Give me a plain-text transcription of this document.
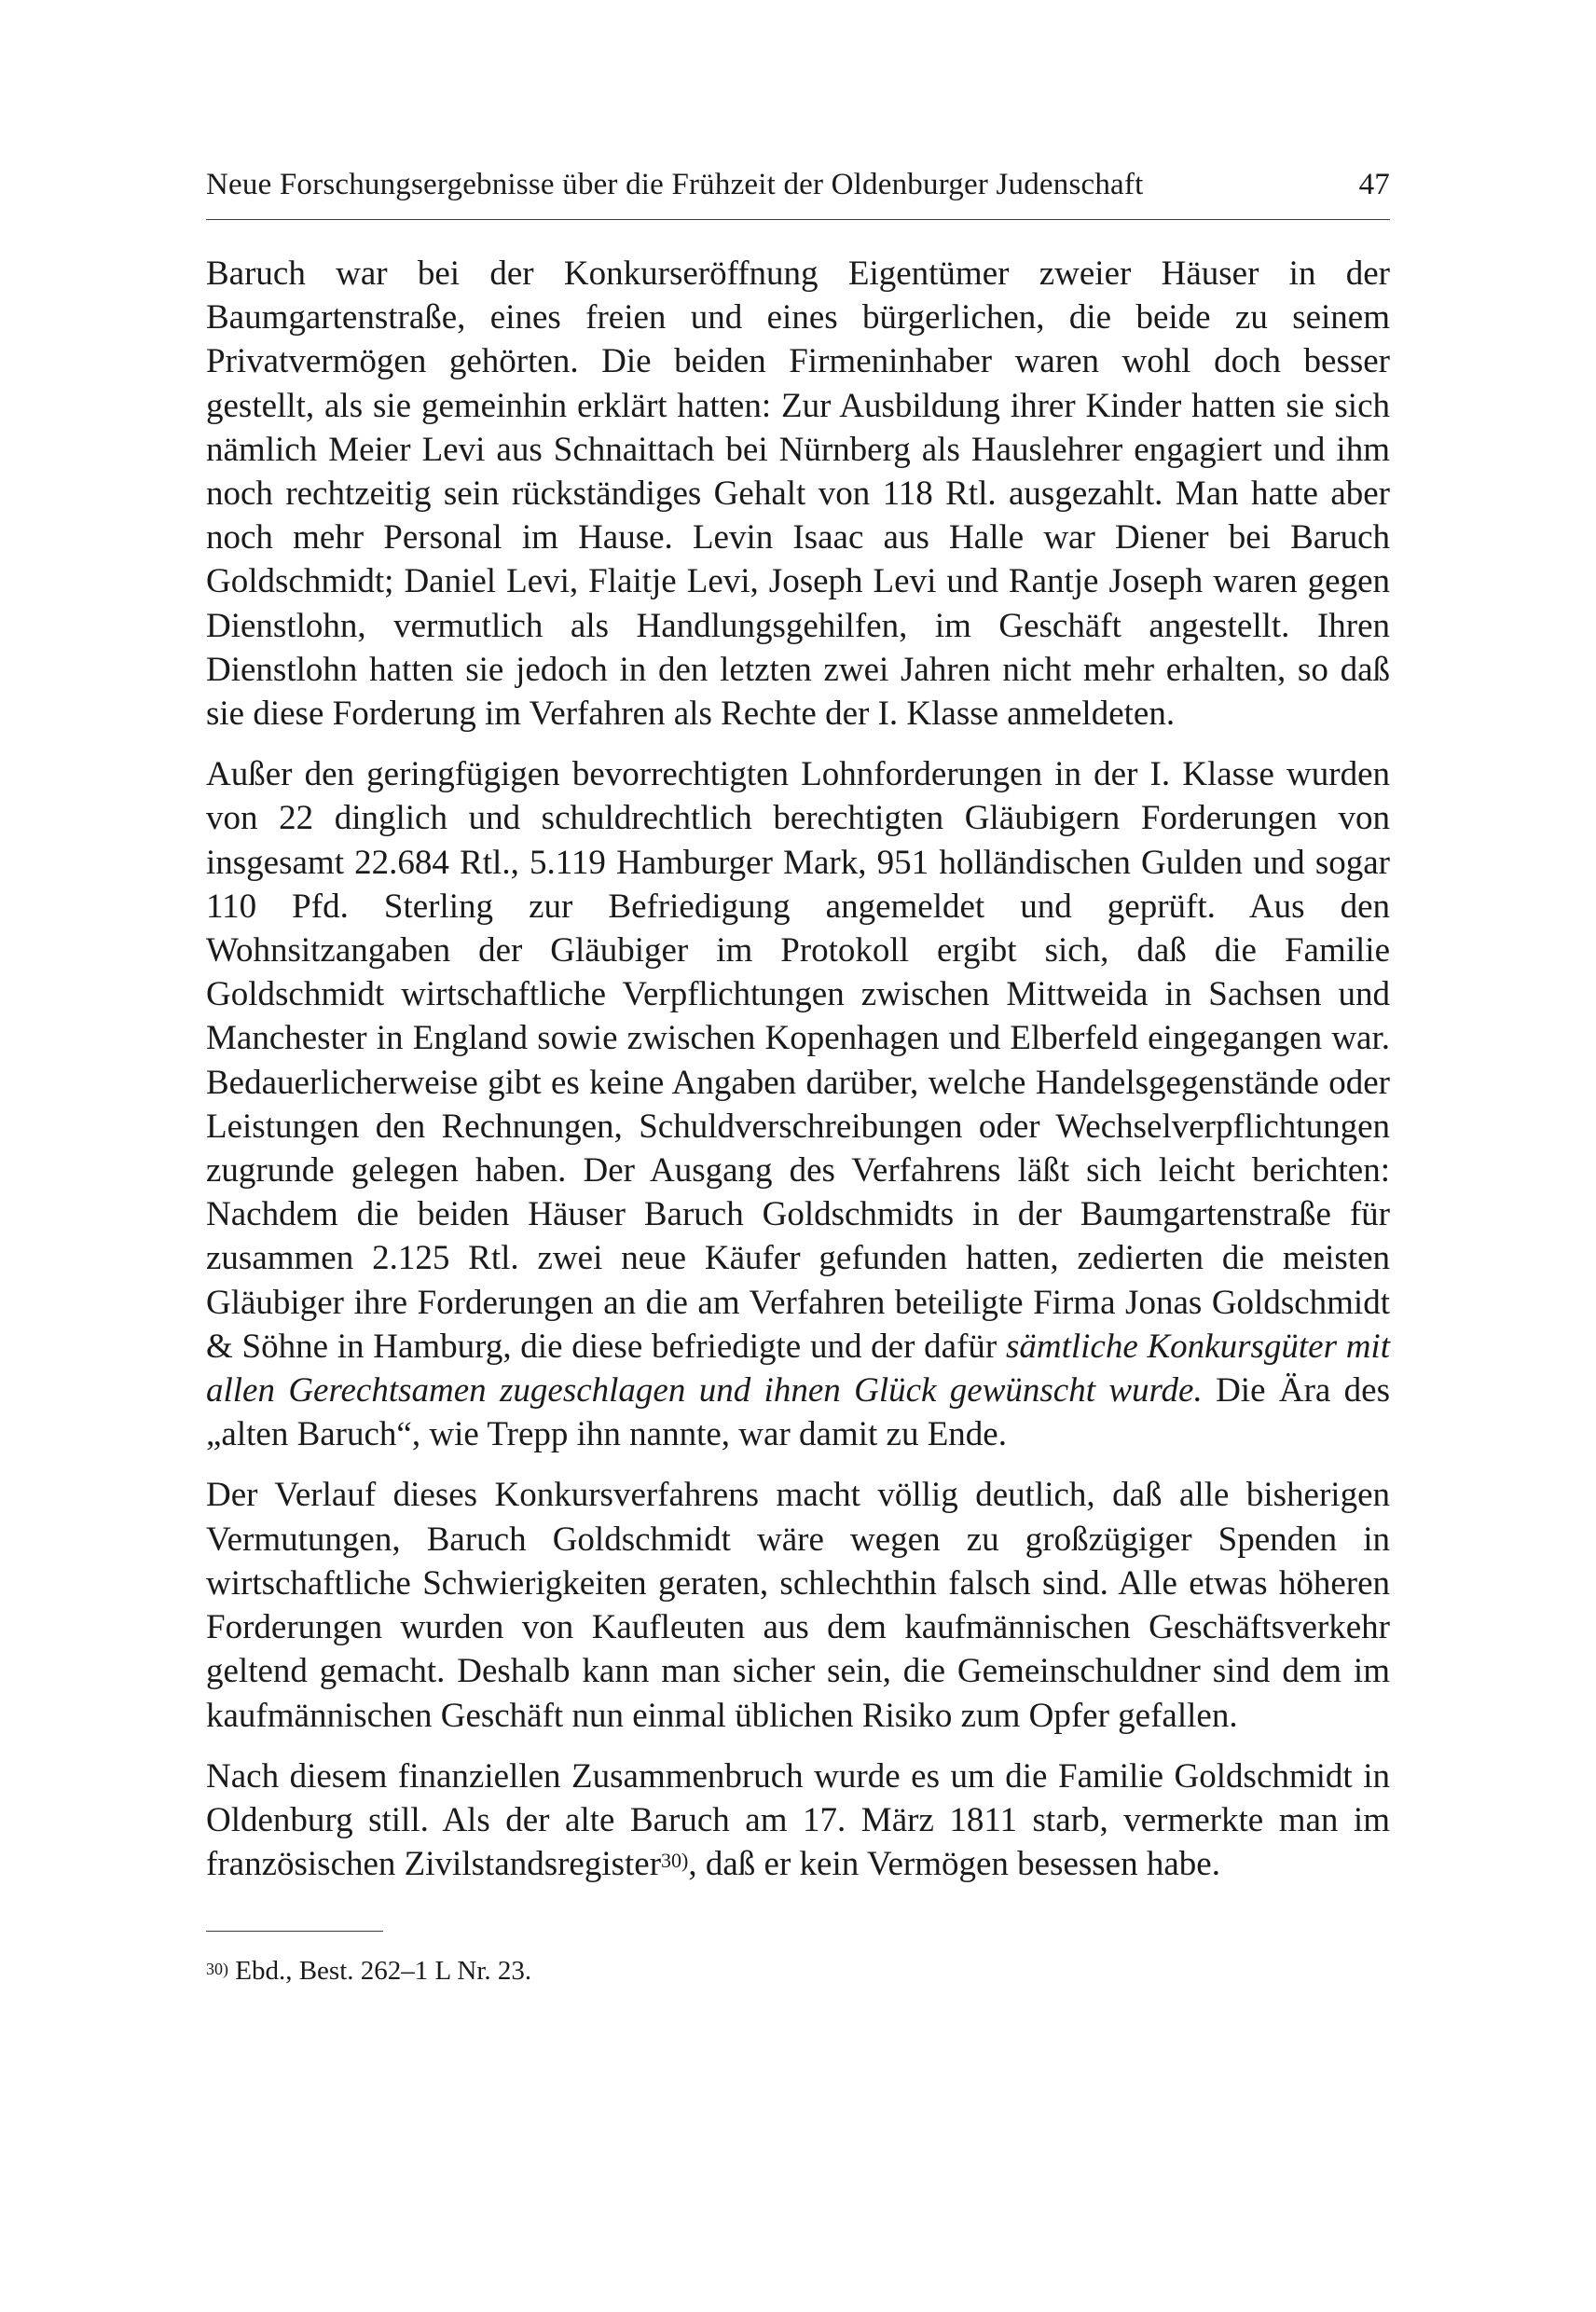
Neue Forschungsergebnisse über die Frühzeit der Oldenburger Judenschaft	47

Baruch war bei der Konkurseröffnung Eigentümer zweier Häuser in der Baumgartenstraße, eines freien und eines bürgerlichen, die beide zu seinem Privatvermögen gehörten. Die beiden Firmeninhaber waren wohl doch besser gestellt, als sie gemeinhin erklärt hatten: Zur Ausbildung ihrer Kinder hatten sie sich nämlich Meier Levi aus Schnaittach bei Nürnberg als Hauslehrer engagiert und ihm noch rechtzeitig sein rückständiges Gehalt von 118 Rtl. ausgezahlt. Man hatte aber noch mehr Personal im Hause. Levin Isaac aus Halle war Diener bei Baruch Goldschmidt; Daniel Levi, Flaitje Levi, Joseph Levi und Rantje Joseph waren gegen Dienstlohn, vermutlich als Handlungsgehilfen, im Geschäft angestellt. Ihren Dienstlohn hatten sie jedoch in den letzten zwei Jahren nicht mehr erhalten, so daß sie diese Forderung im Verfahren als Rechte der I. Klasse anmeldeten.

Außer den geringfügigen bevorrechtigten Lohnforderungen in der I. Klasse wurden von 22 dinglich und schuldrechtlich berechtigten Gläubigern Forderungen von insgesamt 22.684 Rtl., 5.119 Hamburger Mark, 951 holländischen Gulden und sogar 110 Pfd. Sterling zur Befriedigung angemeldet und geprüft. Aus den Wohnsitzangaben der Gläubiger im Protokoll ergibt sich, daß die Familie Goldschmidt wirtschaftliche Verpflichtungen zwischen Mittweida in Sachsen und Manchester in England sowie zwischen Kopenhagen und Elberfeld eingegangen war. Bedauerlicherweise gibt es keine Angaben darüber, welche Handelsgegenstände oder Leistungen den Rechnungen, Schuldverschreibungen oder Wechselverpflichtungen zugrunde gelegen haben. Der Ausgang des Verfahrens läßt sich leicht berichten: Nachdem die beiden Häuser Baruch Goldschmidts in der Baumgartenstraße für zusammen 2.125 Rtl. zwei neue Käufer gefunden hatten, zedierten die meisten Gläubiger ihre Forderungen an die am Verfahren beteiligte Firma Jonas Goldschmidt & Söhne in Hamburg, die diese befriedigte und der dafür sämtliche Konkursgüter mit allen Gerechtsamen zugeschlagen und ihnen Glück gewünscht wurde. Die Ära des „alten Baruch“, wie Trepp ihn nannte, war damit zu Ende.

Der Verlauf dieses Konkursverfahrens macht völlig deutlich, daß alle bisherigen Vermutungen, Baruch Goldschmidt wäre wegen zu großzügiger Spenden in wirtschaftliche Schwierigkeiten geraten, schlechthin falsch sind. Alle etwas höheren Forderungen wurden von Kaufleuten aus dem kaufmännischen Geschäftsverkehr geltend gemacht. Deshalb kann man sicher sein, die Gemeinschuldner sind dem im kaufmännischen Geschäft nun einmal üblichen Risiko zum Opfer gefallen.

Nach diesem finanziellen Zusammenbruch wurde es um die Familie Goldschmidt in Oldenburg still. Als der alte Baruch am 17. März 1811 starb, vermerkte man im französischen Zivilstandsregister$^{30)}$, daß er kein Vermögen besessen habe.

$^{30)}$ Ebd., Best. 262–1 L Nr. 23.
